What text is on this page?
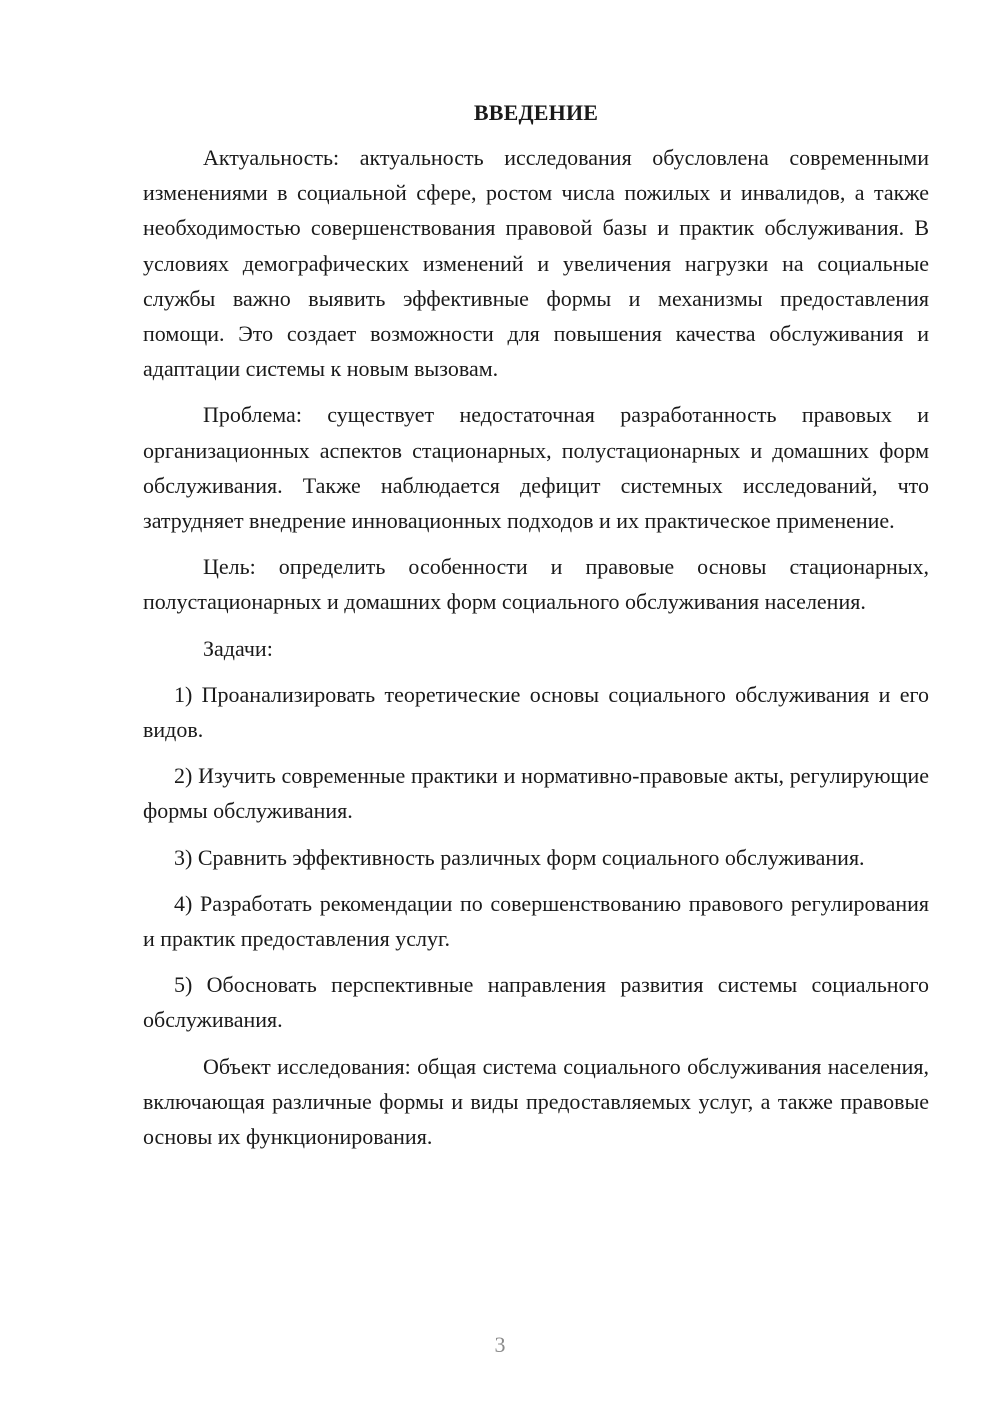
ВВЕДЕНИЕ

Актуальность: актуальность исследования обусловлена современными изменениями в социальной сфере, ростом числа пожилых и инвалидов, а также необходимостью совершенствования правовой базы и практик обслуживания. В условиях демографических изменений и увеличения нагрузки на социальные службы важно выявить эффективные формы и механизмы предоставления помощи. Это создает возможности для повышения качества обслуживания и адаптации системы к новым вызовам.

Проблема: существует недостаточная разработанность правовых и организационных аспектов стационарных, полустационарных и домашних форм обслуживания. Также наблюдается дефицит системных исследований, что затрудняет внедрение инновационных подходов и их практическое применение.

Цель: определить особенности и правовые основы стационарных, полустационарных и домашних форм социального обслуживания населения.

Задачи:

1) Проанализировать теоретические основы социального обслуживания и его видов.

2) Изучить современные практики и нормативно-правовые акты, регулирующие формы обслуживания.

3) Сравнить эффективность различных форм социального обслуживания.

4) Разработать рекомендации по совершенствованию правового регулирования и практик предоставления услуг.

5) Обосновать перспективные направления развития системы социального обслуживания.

Объект исследования: общая система социального обслуживания населения, включающая различные формы и виды предоставляемых услуг, а также правовые основы их функционирования.

3
